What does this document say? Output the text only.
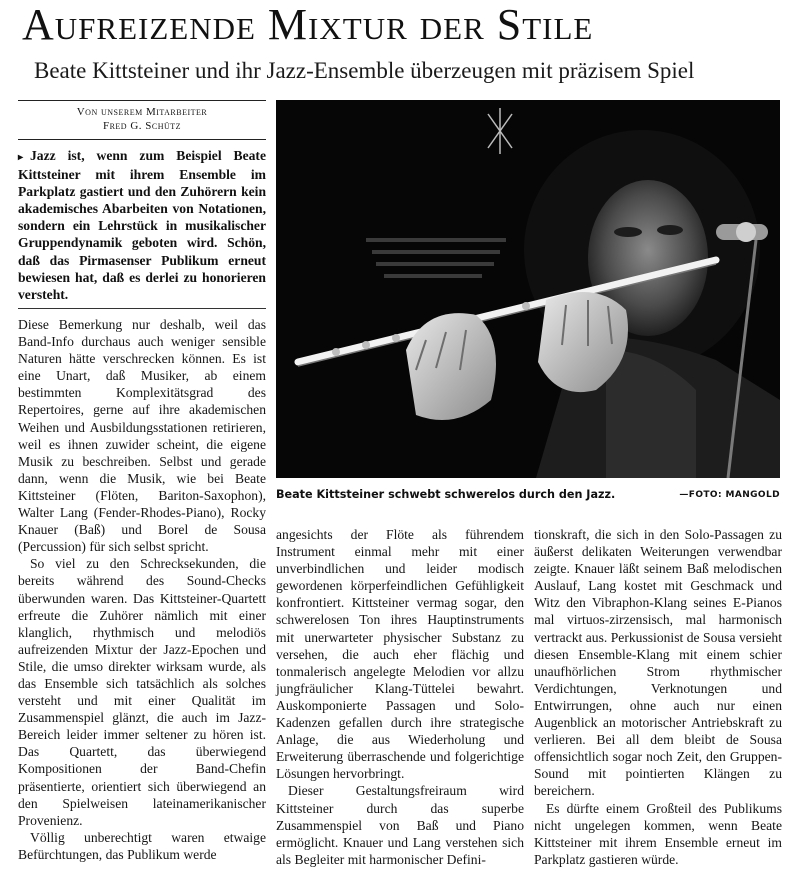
Aufreizende Mixtur der Stile
Beate Kittsteiner und ihr Jazz-Ensemble überzeugen mit präzisem Spiel
Von unserem Mitarbeiter
Fred G. Schütz
▸ Jazz ist, wenn zum Beispiel Beate Kittsteiner mit ihrem Ensemble im Parkplatz gastiert und den Zuhörern kein akademisches Abarbeiten von Notationen, sondern ein Lehrstück in musikalischer Gruppendynamik geboten wird. Schön, daß das Pirmasenser Publikum erneut bewiesen hat, daß es derlei zu honorieren versteht.

Diese Bemerkung nur deshalb, weil das Band-Info durchaus auch weniger sensible Naturen hätte verschrecken können. Es ist eine Unart, daß Musiker, ab einem bestimmten Komplexitätsgrad des Repertoires, gerne auf ihre akademischen Weihen und Ausbildungsstationen retirieren, weil es ihnen zuwider scheint, die eigene Musik zu beschreiben. Selbst und gerade dann, wenn die Musik, wie bei Beate Kittsteiner (Flöten, Bariton-Saxophon), Walter Lang (Fender-Rhodes-Piano), Rocky Knauer (Baß) und Borel de Sousa (Percussion) für sich selbst spricht.

So viel zu den Schrecksekunden, die bereits während des Sound-Checks überwunden waren. Das Kittsteiner-Quartett erfreute die Zuhörer nämlich mit einer klanglich, rhythmisch und melodiös aufreizenden Mixtur der Jazz-Epochen und Stile, die umso direkter wirksam wurde, als das Ensemble sich tatsächlich als solches versteht und mit einer Qualität im Zusammenspiel glänzt, die auch im Jazz-Bereich leider immer seltener zu hören ist. Das Quartett, das überwiegend Kompositionen der Band-Chefin präsentierte, orientiert sich überwiegend an den Spielweisen lateinamerikanischer Provenienz.

Völlig unberechtigt waren etwaige Befürchtungen, das Publikum werde

Beate Kittsteiner schwebt schwerelos durch den Jazz.	—FOTO: MANGOLD

angesichts der Flöte als führendem Instrument einmal mehr mit einer unverbindlichen und leider modisch gewordenen körperfeindlichen Gefühligkeit konfrontiert. Kittsteiner vermag sogar, den schwerelosen Ton ihres Hauptinstruments mit unerwarteter physischer Substanz zu versehen, die auch eher flächig und tonmalerisch angelegte Melodien vor allzu jungfräulicher Klang-Tüttelei bewahrt. Auskomponierte Passagen und Solo-Kadenzen gefallen durch ihre strategische Anlage, die aus Wiederholung und Erweiterung überraschende und folgerichtige Lösungen hervorbringt.

Dieser Gestaltungsfreiraum wird Kittsteiner durch das superbe Zusammenspiel von Baß und Piano ermöglicht. Knauer und Lang verstehen sich als Begleiter mit harmonischer Defini-

tionskraft, die sich in den Solo-Passagen zu äußerst delikaten Weiterungen verwendbar zeigte. Knauer läßt seinem Baß melodischen Auslauf, Lang kostet mit Geschmack und Witz den Vibraphon-Klang seines E-Pianos mal virtuos-zirzensisch, mal harmonisch vertrackt aus. Perkussionist de Sousa versieht diesen Ensemble-Klang mit einem schier unaufhörlichen Strom rhythmischer Verdichtungen, Verknotungen und Entwirrungen, ohne auch nur einen Augenblick an motorischer Antriebskraft zu verlieren. Bei all dem bleibt de Sousa offensichtlich sogar noch Zeit, den Gruppen-Sound mit pointierten Klängen zu bereichern.

Es dürfte einem Großteil des Publikums nicht ungelegen kommen, wenn Beate Kittsteiner mit ihrem Ensemble erneut im Parkplatz gastieren würde.
